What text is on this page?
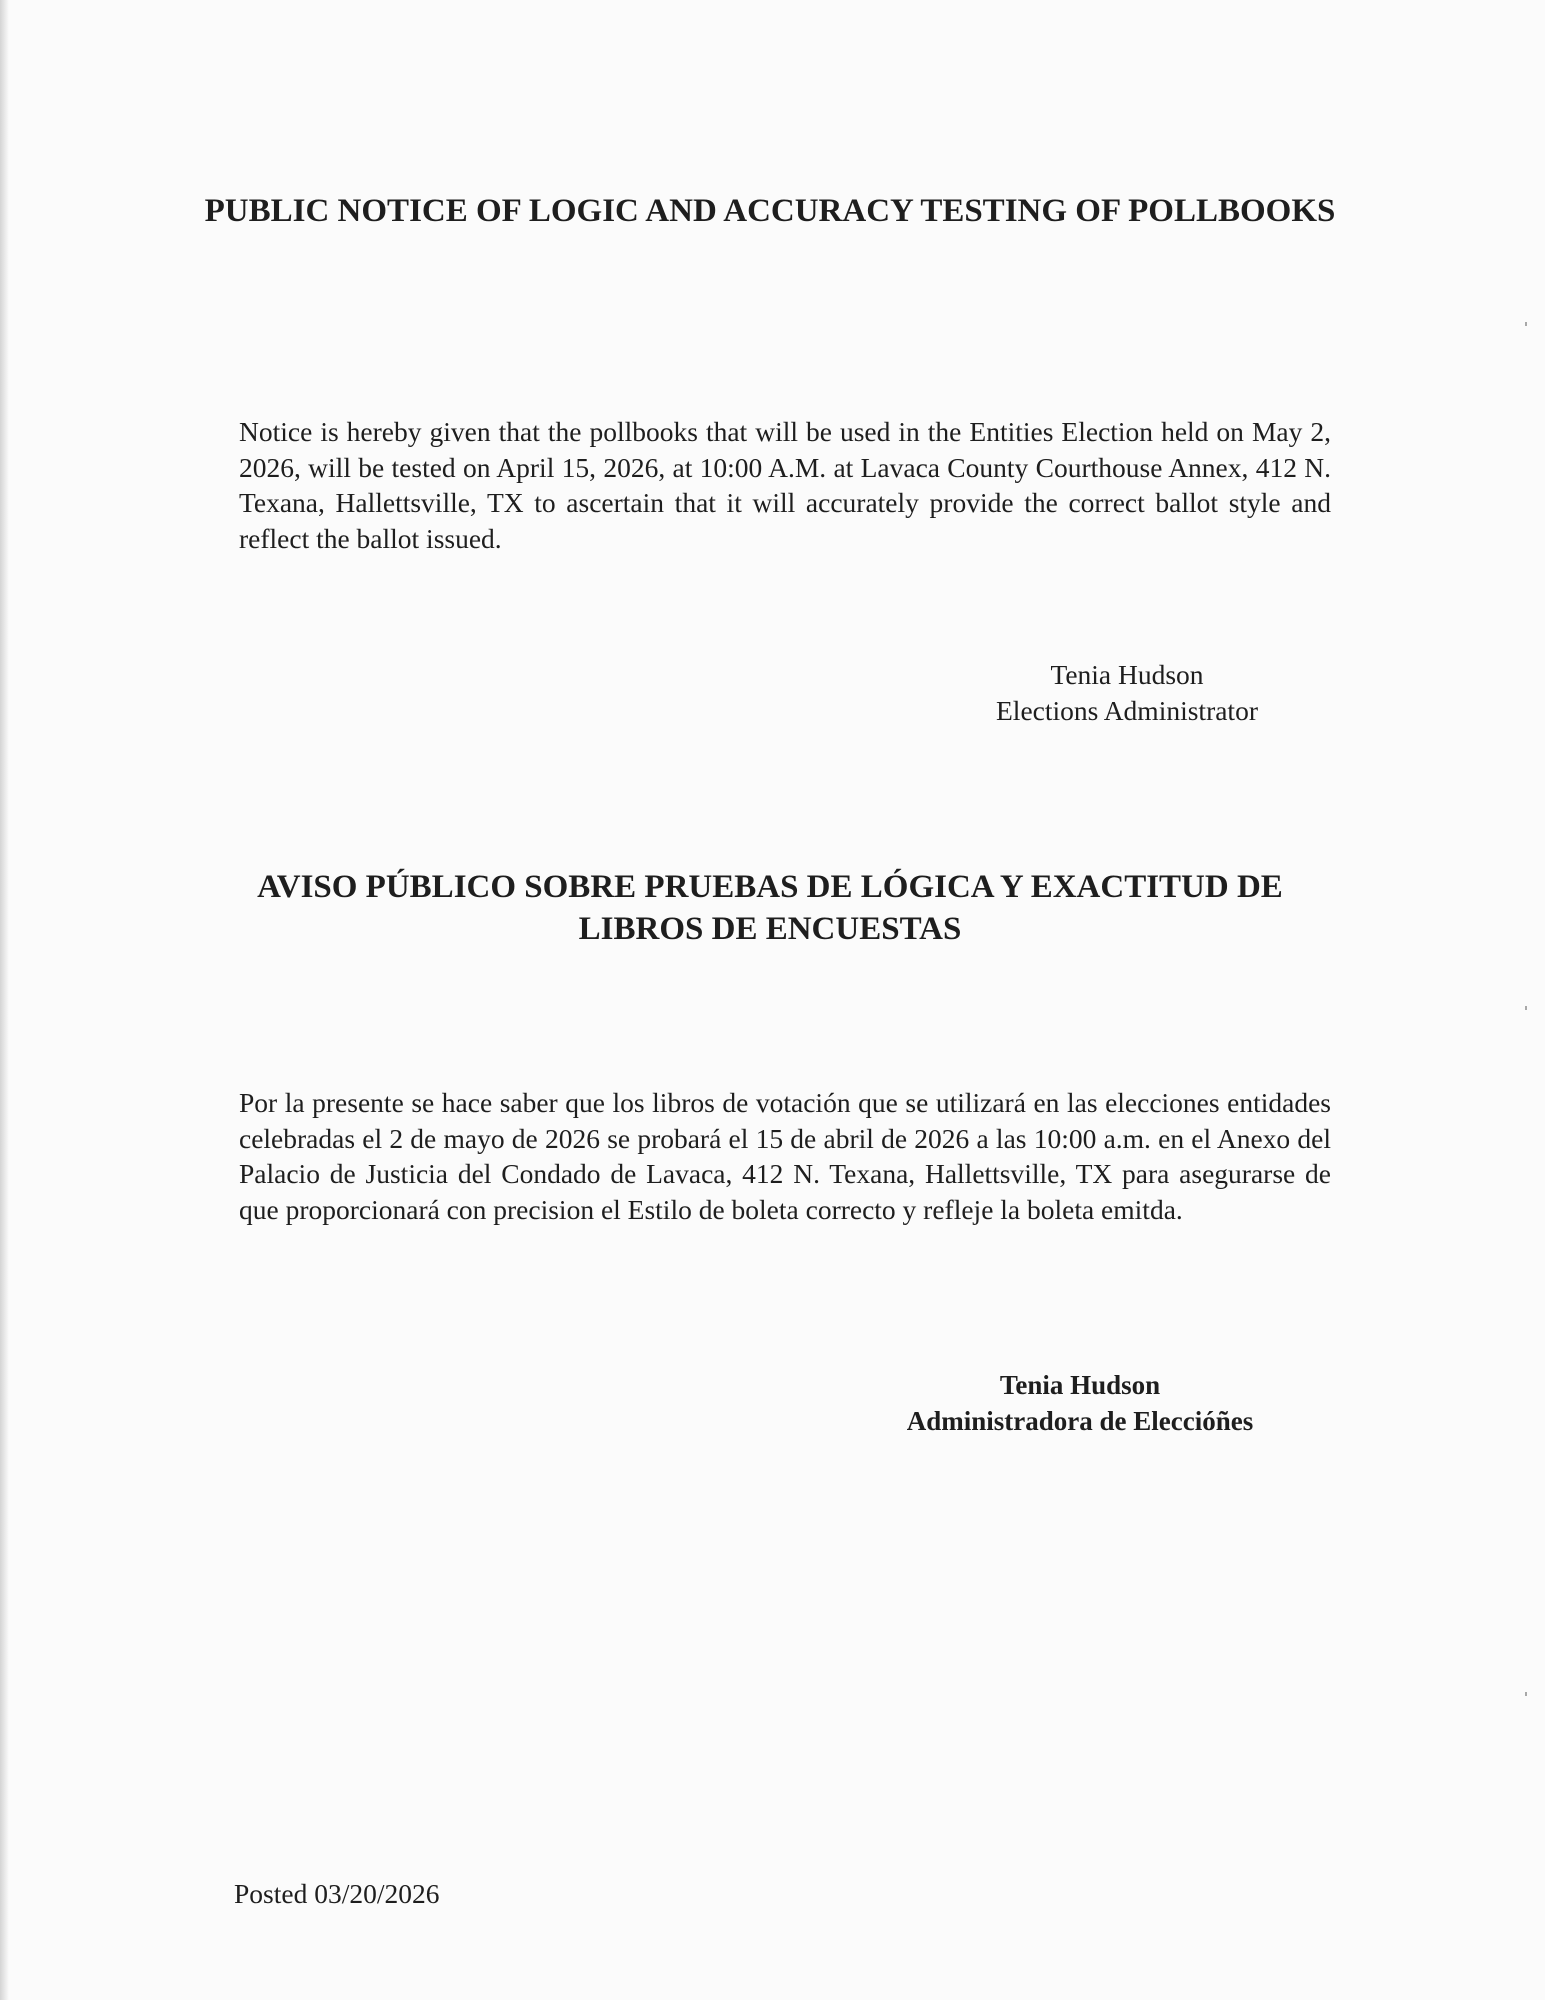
PUBLIC NOTICE OF LOGIC AND ACCURACY TESTING OF POLLBOOKS

Notice is hereby given that the pollbooks that will be used in the Entities Election held on May 2, 2026, will be tested on April 15, 2026, at 10:00 A.M. at Lavaca County Courthouse Annex, 412 N. Texana, Hallettsville, TX to ascertain that it will accurately provide the correct ballot style and reflect the ballot issued.

Tenia Hudson
Elections Administrator
AVISO PÚBLICO SOBRE PRUEBAS DE LÓGICA Y EXACTITUD DE LIBROS DE ENCUESTAS

Por la presente se hace saber que los libros de votación que se utilizará en las elecciones entidades celebradas el 2 de mayo de 2026 se probará el 15 de abril de 2026 a las 10:00 a.m. en el Anexo del Palacio de Justicia del Condado de Lavaca, 412 N. Texana, Hallettsville, TX para asegurarse de que proporcionará con precision el Estilo de boleta correcto y refleje la boleta emitda.

Tenia Hudson
Administradora de Eleccióñes
Posted 03/20/2026
